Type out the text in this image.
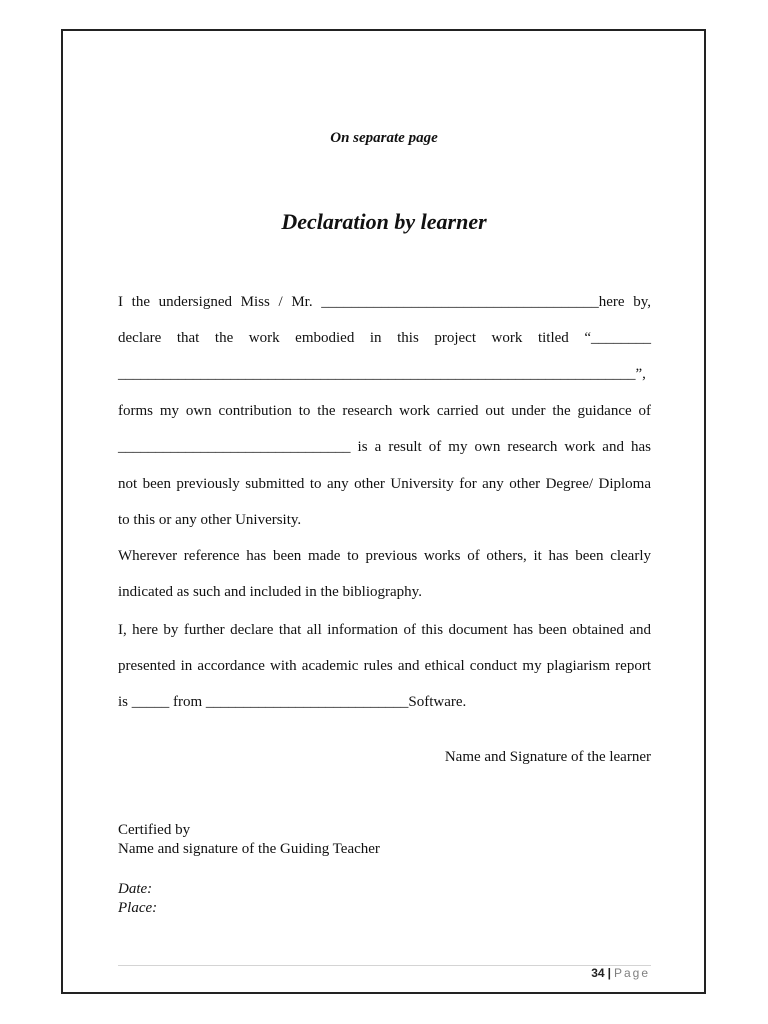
On separate page
Declaration by learner
I the undersigned Miss / Mr. _____________________________________here by,
declare that the work embodied in this project work titled “________
_____________________________________________________________________”,
forms my own contribution to the research work carried out under the guidance of
_______________________________ is a result of my own research work and has
not been previously submitted to any other University for any other Degree/ Diploma
to this or any other University.
Wherever reference has been made to previous works of others, it has been clearly
indicated as such and included in the bibliography.
I, here by further declare that all information of this document has been obtained and
presented in accordance with academic rules and ethical conduct my plagiarism report
is _____ from ___________________________Software.
Name and Signature of the learner
Certified by
Name and signature of the Guiding Teacher
Date:
Place:
34 | Page
